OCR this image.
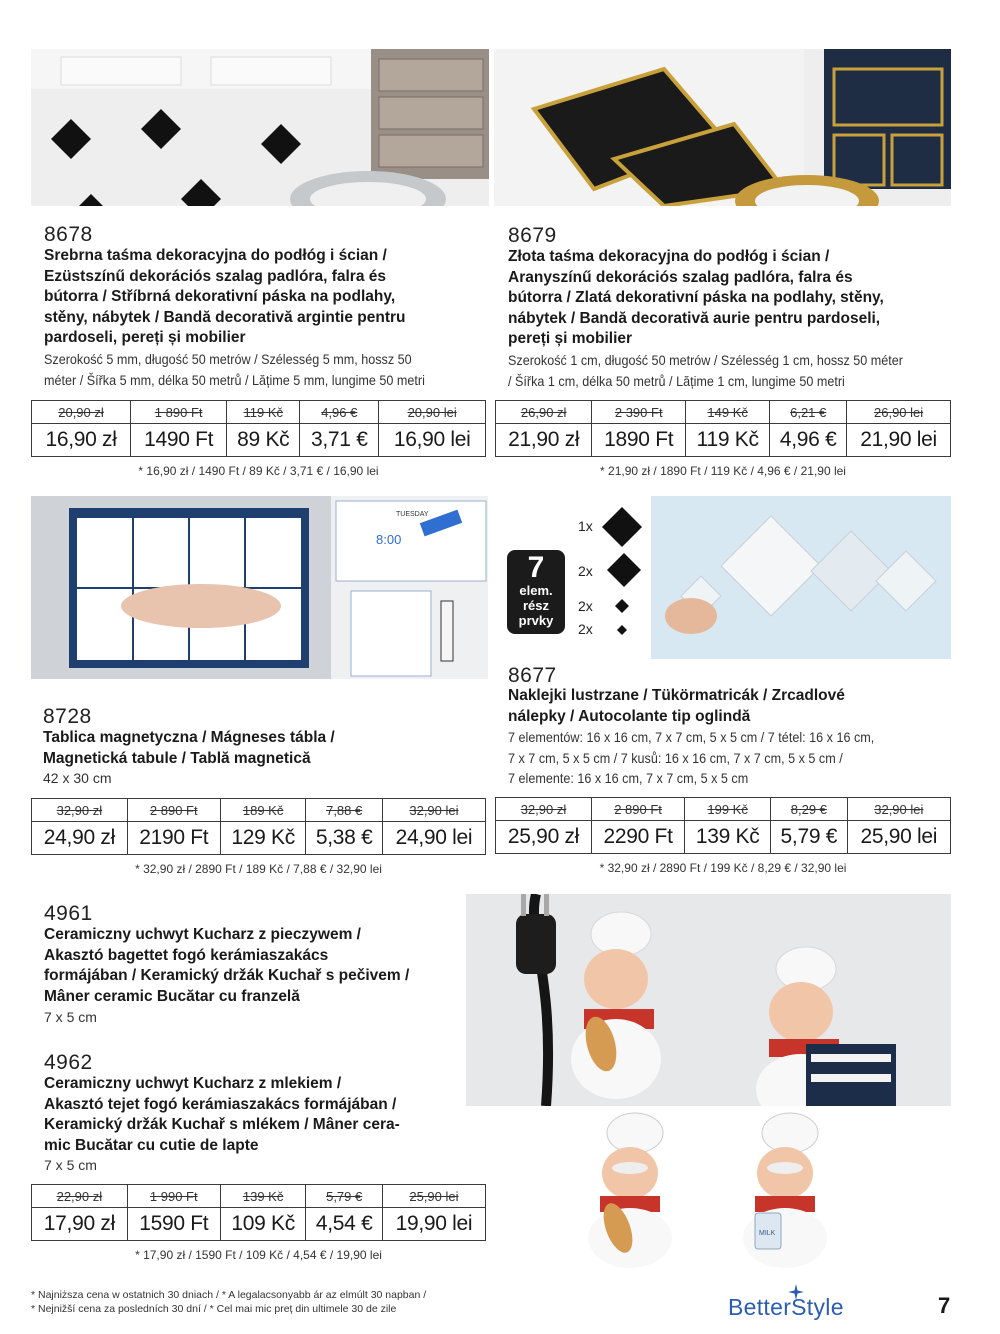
8678
Srebrna taśma dekoracyjna do podłóg i ścian /
Ezüstszínű dekorációs szalag padlóra, falra és
bútorra / Stříbrná dekorativní páska na podlahy,
stěny, nábytek / Bandă decorativă argintie pentru
pardoseli, pereți și mobilier
Szerokość 5 mm, długość 50 metrów / Szélesség 5 mm, hossz 50
méter / Šířka 5 mm, délka 50 metrů / Lățime 5 mm, lungime 50 metri
20,90 zł	1 890 Ft	119 Kč	4,96 €	20,90 lei
16,90 zł	1490 Ft	89 Kč	3,71 €	16,90 lei
* 16,90 zł / 1490 Ft / 89 Kč / 3,71 € / 16,90 lei
8679
Złota taśma dekoracyjna do podłóg i ścian /
Aranyszínű dekorációs szalag padlóra, falra és
bútorra / Zlatá dekorativní páska na podlahy, stěny,
nábytek / Bandă decorativă aurie pentru pardoseli,
pereți și mobilier
Szerokość 1 cm, długość 50 metrów / Szélesség 1 cm, hossz 50 méter
/ Šířka 1 cm, délka 50 metrů / Lățime 1 cm, lungime 50 metri
26,90 zł	2 390 Ft	149 Kč	6,21 €	26,90 lei
21,90 zł	1890 Ft	119 Kč	4,96 €	21,90 lei
* 21,90 zł / 1890 Ft / 119 Kč / 4,96 € / 21,90 lei
TUESDAY
8:00
1x
2x
2x
2x
7
elem.
rész
prvky
8728
Tablica magnetyczna / Mágneses tábla /
Magnetická tabule / Tablă magnetică
42 x 30 cm
32,90 zł	2 890 Ft	189 Kč	7,88 €	32,90 lei
24,90 zł	2190 Ft	129 Kč	5,38 €	24,90 lei
* 32,90 zł / 2890 Ft / 189 Kč / 7,88 € / 32,90 lei
8677
Naklejki lustrzane / Tükörmatricák / Zrcadlové
nálepky / Autocolante tip oglindă
7 elementów: 16 x 16 cm, 7 x 7 cm, 5 x 5 cm / 7 tétel: 16 x 16 cm,
7 x 7 cm, 5 x 5 cm / 7 kusů: 16 x 16 cm, 7 x 7 cm, 5 x 5 cm /
7 elemente: 16 x 16 cm, 7 x 7 cm, 5 x 5 cm
32,90 zł	2 890 Ft	199 Kč	8,29 €	32,90 lei
25,90 zł	2290 Ft	139 Kč	5,79 €	25,90 lei
* 32,90 zł / 2890 Ft / 199 Kč / 8,29 € / 32,90 lei
4961
Ceramiczny uchwyt Kucharz z pieczywem /
Akasztó bagettet fogó kerámiaszakács
formájában / Keramický držák Kuchař s pečivem /
Mâner ceramic Bucătar cu franzelă
7 x 5 cm
4962
Ceramiczny uchwyt Kucharz z mlekiem /
Akasztó tejet fogó kerámiaszakács formájában /
Keramický držák Kuchař s mlékem / Mâner cera-
mic Bucătar cu cutie de lapte
7 x 5 cm
22,90 zł	1 990 Ft	139 Kč	5,79 €	25,90 lei
17,90 zł	1590 Ft	109 Kč	4,54 €	19,90 lei
* 17,90 zł / 1590 Ft / 109 Kč / 4,54 € / 19,90 lei
MILK
* Najniższa cena w ostatnich 30 dniach / * A legalacsonyabb ár az elmúlt 30 napban /
* Nejnižší cena za posledních 30 dní / * Cel mai mic preț din ultimele 30 de zile	BetterStyle	7
